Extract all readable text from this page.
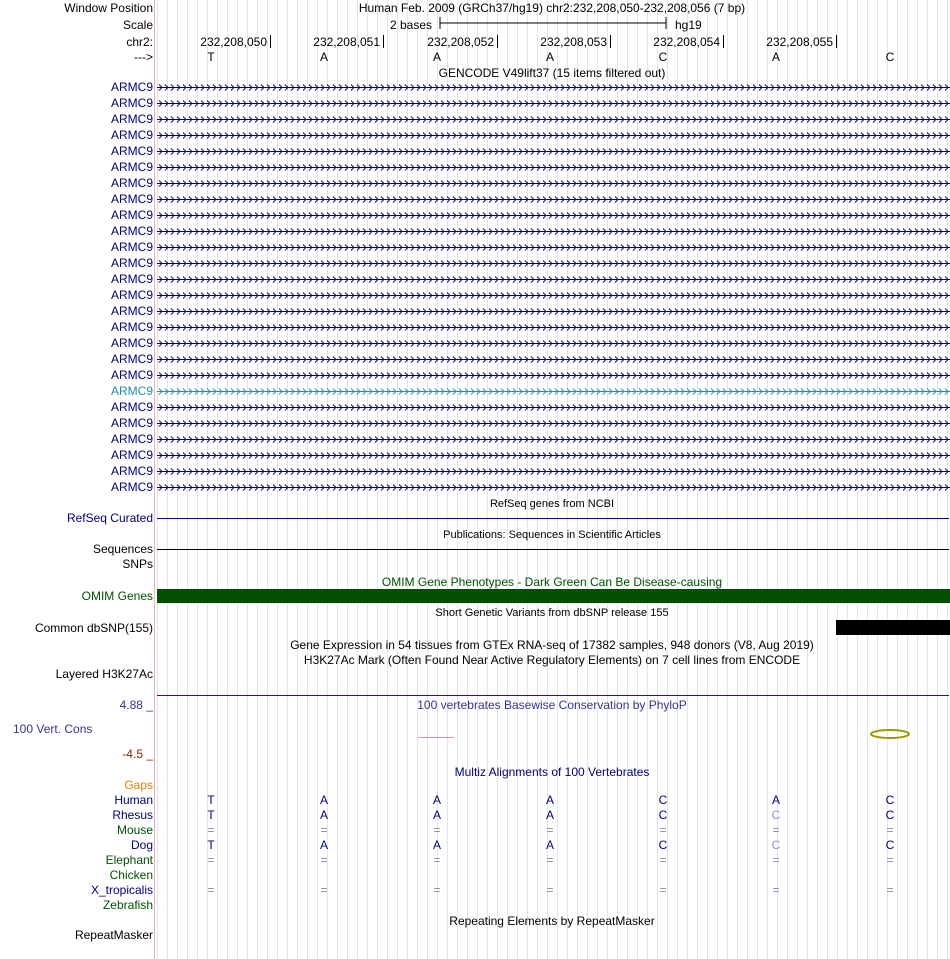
Window Position	Human Feb. 2009 (GRCh37/hg19) chr2:232,208,050-232,208,056 (7 bp)
Scale	2 bases	hg19
chr2:	232,208,050	232,208,051	232,208,052	232,208,053	232,208,054	232,208,055
--->	T	A	A	A	C	A	C
GENCODE V49lift37 (15 items filtered out)
ARMC9
ARMC9
ARMC9
ARMC9
ARMC9
ARMC9
ARMC9
ARMC9
ARMC9
ARMC9
ARMC9
ARMC9
ARMC9
ARMC9
ARMC9
ARMC9
ARMC9
ARMC9
ARMC9
ARMC9
ARMC9
ARMC9
ARMC9
ARMC9
ARMC9
ARMC9
RefSeq genes from NCBI
RefSeq Curated
Publications: Sequences in Scientific Articles
Sequences
SNPs
OMIM Gene Phenotypes - Dark Green Can Be Disease-causing
OMIM Genes
Short Genetic Variants from dbSNP release 155
Common dbSNP(155)
Gene Expression in 54 tissues from GTEx RNA-seq of 17382 samples, 948 donors (V8, Aug 2019)
H3K27Ac Mark (Often Found Near Active Regulatory Elements) on 7 cell lines from ENCODE
Layered H3K27Ac
100 vertebrates Basewise Conservation by PhyloP
4.88 _
100 Vert. Cons
-4.5 _
Multiz Alignments of 100 Vertebrates
Gaps
Human	T	A	A	A	C	A	C
Rhesus	T	A	A	A	C	C	C
Mouse	=	=	=	=	=	=	=
Dog	T	A	A	A	C	C	C
Elephant	=	=	=	=	=	=	=
Chicken
X_tropicalis	=	=	=	=	=	=	=
Zebrafish
Repeating Elements by RepeatMasker
RepeatMasker
